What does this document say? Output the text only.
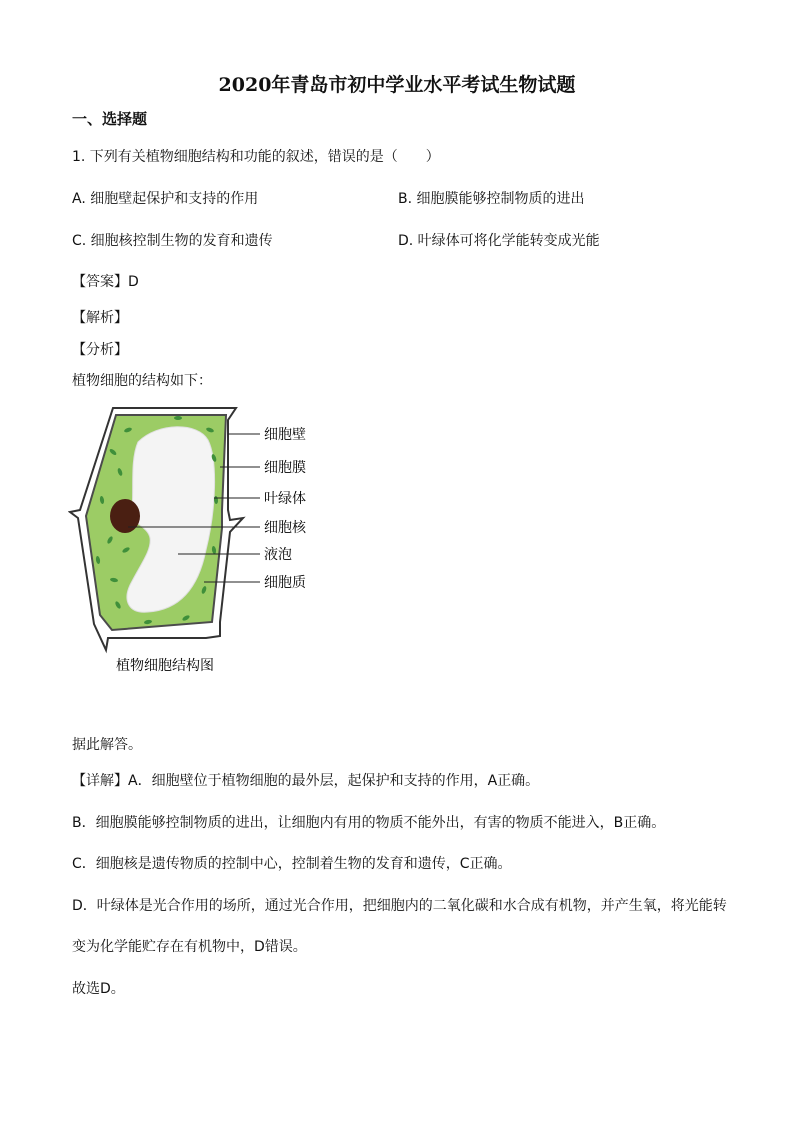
2020年青岛市初中学业水平考试生物试题
一、选择题
1. 下列有关植物细胞结构和功能的叙述，错误的是（　　）
A. 细胞壁起保护和支持的作用	B. 细胞膜能够控制物质的进出
C. 细胞核控制生物的发育和遗传	D. 叶绿体可将化学能转变成光能
【答案】D
【解析】
【分析】
植物细胞的结构如下：
细胞壁
细胞膜
叶绿体
细胞核
液泡
细胞质
植物细胞结构图
据此解答。
【详解】A．细胞壁位于植物细胞的最外层，起保护和支持的作用，A正确。
B．细胞膜能够控制物质的进出，让细胞内有用的物质不能外出，有害的物质不能进入，B正确。
C．细胞核是遗传物质的控制中心，控制着生物的发育和遗传，C正确。
D．叶绿体是光合作用的场所，通过光合作用，把细胞内的二氧化碳和水合成有机物，并产生氧，将光能转
变为化学能贮存在有机物中，D错误。
故选D。
